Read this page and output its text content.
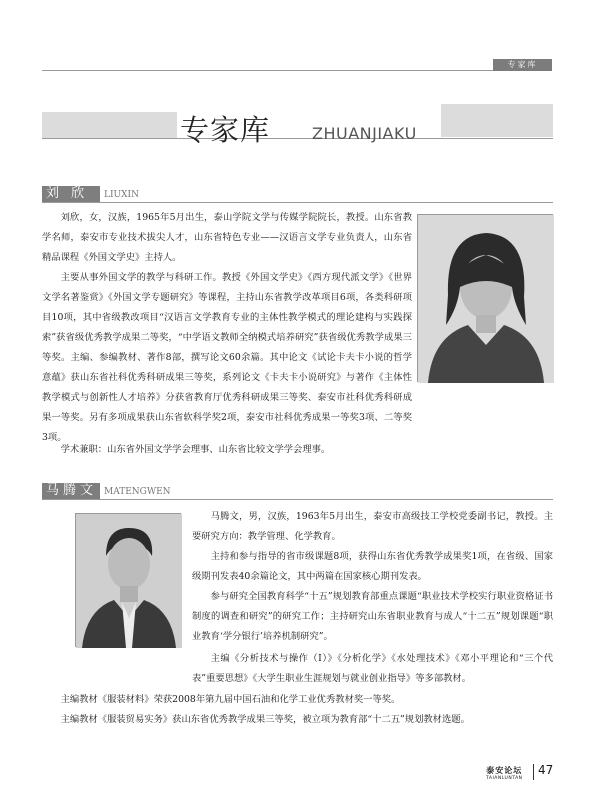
专家库
专家库	ZHUANJIAKU
刘 欣	LIUXIN
刘欣，女，汉族，1965年5月出生，泰山学院文学与传媒学院院长，教授。山东省教学名师，泰安市专业技术拔尖人才，山东省特色专业——汉语言文学专业负责人，山东省精品课程《外国文学史》主持人。
主要从事外国文学的教学与科研工作。教授《外国文学史》《西方现代派文学》《世界文学名著鉴赏》《外国文学专题研究》等课程，主持山东省教学改革项目6项，各类科研项目10项，其中省级教改项目“汉语言文学教育专业的主体性教学模式的理论建构与实践探索”获省级优秀教学成果二等奖，“中学语文教师全纳模式培养研究”获省级优秀教学成果三等奖。主编、参编教材、著作8部，撰写论文60余篇。其中论文《试论卡夫卡小说的哲学意蕴》获山东省社科优秀科研成果三等奖，系列论文《卡夫卡小说研究》与著作《主体性教学模式与创新性人才培养》分获省教育厅优秀科研成果三等奖、泰安市社科优秀科研成果一等奖。另有多项成果获山东省软科学奖2项，泰安市社科优秀成果一等奖3项、二等奖3项。
学术兼职：山东省外国文学学会理事、山东省比较文学学会理事。
马腾文 MATENGWEN
马腾文，男，汉族，1963年5月出生，泰安市高级技工学校党委副书记，教授。主要研究方向：教学管理、化学教育。
主持和参与指导的省市级课题8项，获得山东省优秀教学成果奖1项，在省级、国家级期刊发表40余篇论文，其中两篇在国家核心期刊发表。
参与研究全国教育科学“十五”规划教育部重点课题“职业技术学校实行职业资格证书制度的调查和研究”的研究工作；主持研究山东省职业教育与成人“十二五”规划课题“职业教育‘学分银行’培养机制研究”。
主编《分析技术与操作（Ⅰ）》《分析化学》《水处理技术》《邓小平理论和“三个代表”重要思想》《大学生职业生涯规划与就业创业指导》等多部教材。
主编教材《服装材料》荣获2008年第九届中国石油和化学工业优秀教材奖一等奖。
主编教材《服装贸易实务》获山东省优秀教学成果三等奖，被立项为教育部“十二五”规划教材选题。
泰安论坛
TAIANLUNTAN
47
